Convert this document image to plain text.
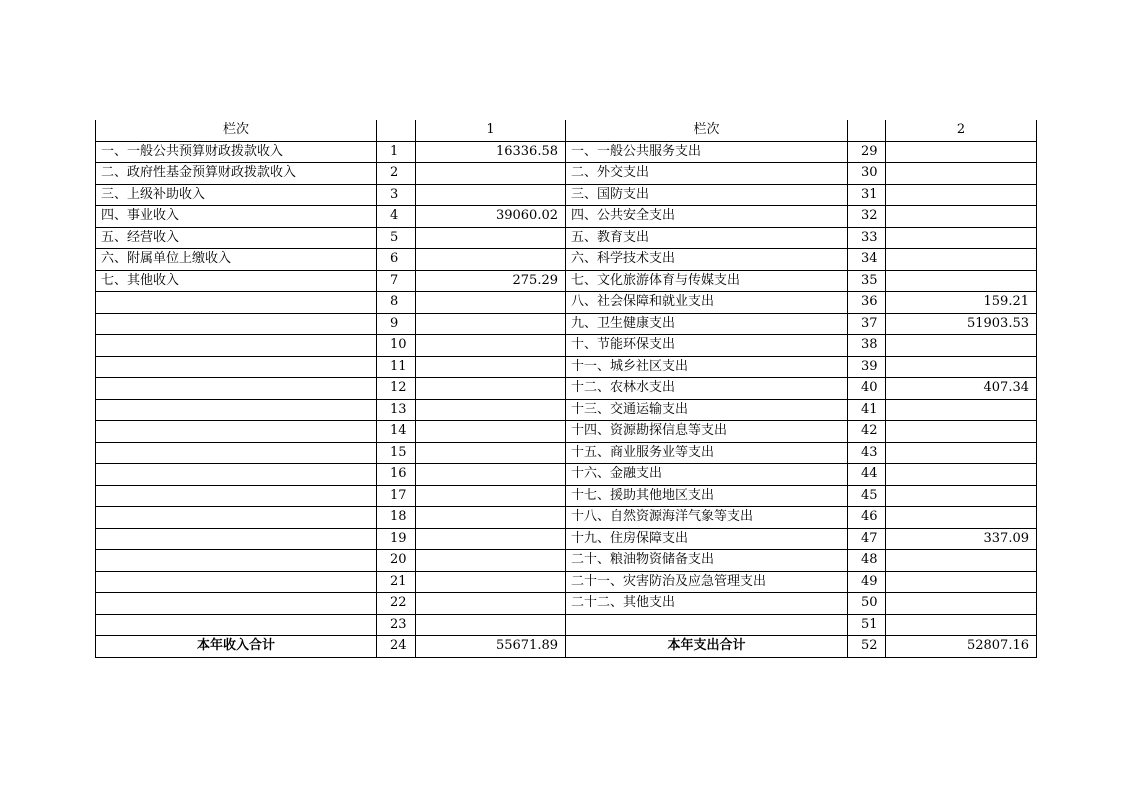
栏次		1	栏次		2
一、一般公共预算财政拨款收入	1	16336.58	一、一般公共服务支出	29	
二、政府性基金预算财政拨款收入	2		二、外交支出	30	
三、上级补助收入	3		三、国防支出	31	
四、事业收入	4	39060.02	四、公共安全支出	32	
五、经营收入	5		五、教育支出	33	
六、附属单位上缴收入	6		六、科学技术支出	34	
七、其他收入	7	275.29	七、文化旅游体育与传媒支出	35	
	8		八、社会保障和就业支出	36	159.21
	9		九、卫生健康支出	37	51903.53
	10		十、节能环保支出	38	
	11		十一、城乡社区支出	39	
	12		十二、农林水支出	40	407.34
	13		十三、交通运输支出	41	
	14		十四、资源勘探信息等支出	42	
	15		十五、商业服务业等支出	43	
	16		十六、金融支出	44	
	17		十七、援助其他地区支出	45	
	18		十八、自然资源海洋气象等支出	46	
	19		十九、住房保障支出	47	337.09
	20		二十、粮油物资储备支出	48	
	21		二十一、灾害防治及应急管理支出	49	
	22		二十二、其他支出	50	
	23			51	
本年收入合计	24	55671.89	本年支出合计	52	52807.16
